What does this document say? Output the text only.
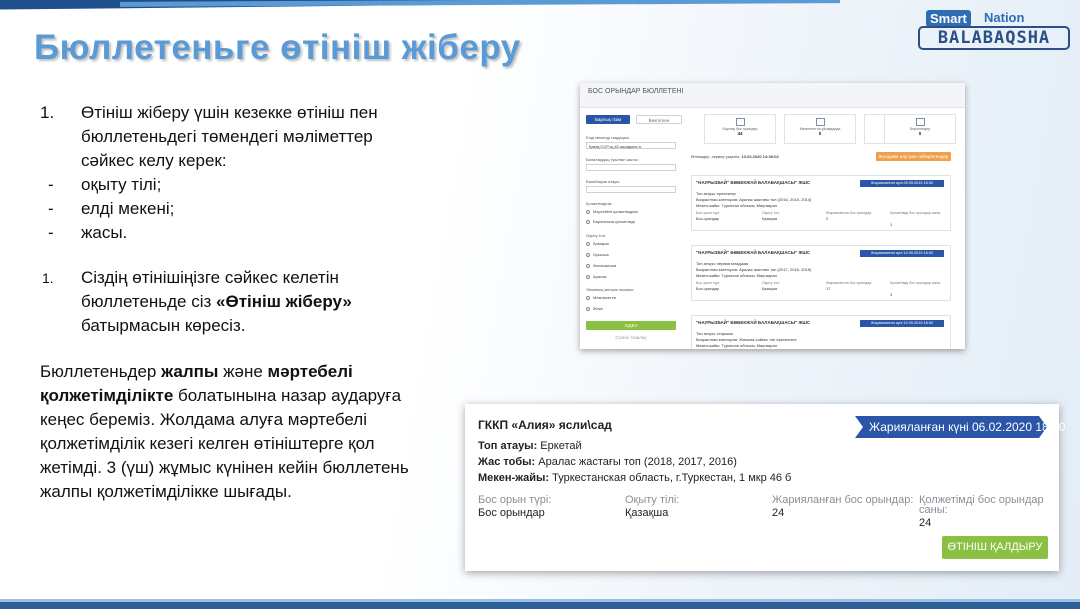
Бюллетеньге өтініш жіберу
Smart	Nation
BALABAQSHA
1. Өтініш жіберу үшін кезекке өтініш пен
бюллетеньдегі төмендегі мәліметтер
сәйкес келу керек:
- оқыту тілі;
- елді мекені;
- жасы.
1. Сіздің өтінішіңізге сәйкес келетін
бюллетеньде сіз «Өтініш жіберу»
батырмасын көресіз.
Бюллетеньдер жалпы және мәртебелі
қолжетімділікте болатынына назар аударуға
кеңес береміз. Жолдама алуға мәртебелі
қолжетімділік кезегі келген өтініштерге қол
жетімді. 3 (үш) жұмыс күнінен кейін бюллетень
жалпы қолжетімділікке шығады.
БОС ОРЫНДАР БЮЛЛЕТЕНІ
Барлық тізім	Бекітілген
Елді мекенді таңдаңыз:
Қазақ ССР-ің 40 жылдығы а.
Балалардың туылған жылы:
Балабақша атауы:
Қолжетімділік:
Мәртебелі қолжетімділік
Барлығына қолжетімді
Оқыту тілі:
Қазақша
Орысша
Ағылшынша
Аралас
Үйымның меншік нысаны:
Мемлекеттік
Жеке
ІЗДЕУ
Сүзгіні тазалау
Барлық бос орындар
44
Мемлекеттік ұйымдарда
0
Берілгендер
0
Өтінімдер, сервер уақыты: 13.02.2020 14:39:02	Жолдама алу үшін жіберілгендер
"НАУРЫЗБАЙ" БӨБЕКЖАЙ БАЛАБАҚШАСЫ" ЖШС	Жарияланған күні 25.09.2019 18:00
Топ атауы: ересектер
Возрастная категория: Аралас жастағы топ (2016, 2015, 2014)
Мекен-жайы: Түркістан облысы, Мақтаарал
Бос орын түрі:
Бос орындар
Оқыту тілі:
Қазақша
Жарияланған бос орындар:
2
Қолжетімді бос орындар саны:
1
"НАУРЫЗБАЙ" БӨБЕКЖАЙ БАЛАБАҚШАСЫ" ЖШС	Жарияланған күні 10.09.2019 18:00
Топ атауы: первая младшая
Возрастная категория: Аралас жастағы топ (2017, 2016, 2015)
Мекен-жайы: Түркістан облысы, Мақтаарал
Бос орын түрі:
Бос орындар
Оқыту тілі:
Қазақша
Жарияланған бос орындар:
17
Қолжетімді бос орындар саны:
3
"НАУРЫЗБАЙ" БӨБЕКЖАЙ БАЛАБАҚШАСЫ" ЖШС	Жарияланған күні 10.09.2019 18:00
Топ атауы: старшая
Возрастная категория: Жасына сәйкес топ ересектеге
Мекен-жайы: Түркістан облысы, Мақтаарал
ГККП «Алия» ясли\сад	Жарияланған күні 06.02.2020 18:00
Топ атауы: Еркетай
Жас тобы: Аралас жастағы топ (2018, 2017, 2016)
Мекен-жайы: Туркестанская область, г.Туркестан, 1 мкр 46 б
Бос орын түрі:
Бос орындар
Оқыту тілі:
Қазақша
Жарияланған бос орындар:
24
Қолжетімді бос орындар
саны:
24
ӨТІНІШ ҚАЛДЫРУ
